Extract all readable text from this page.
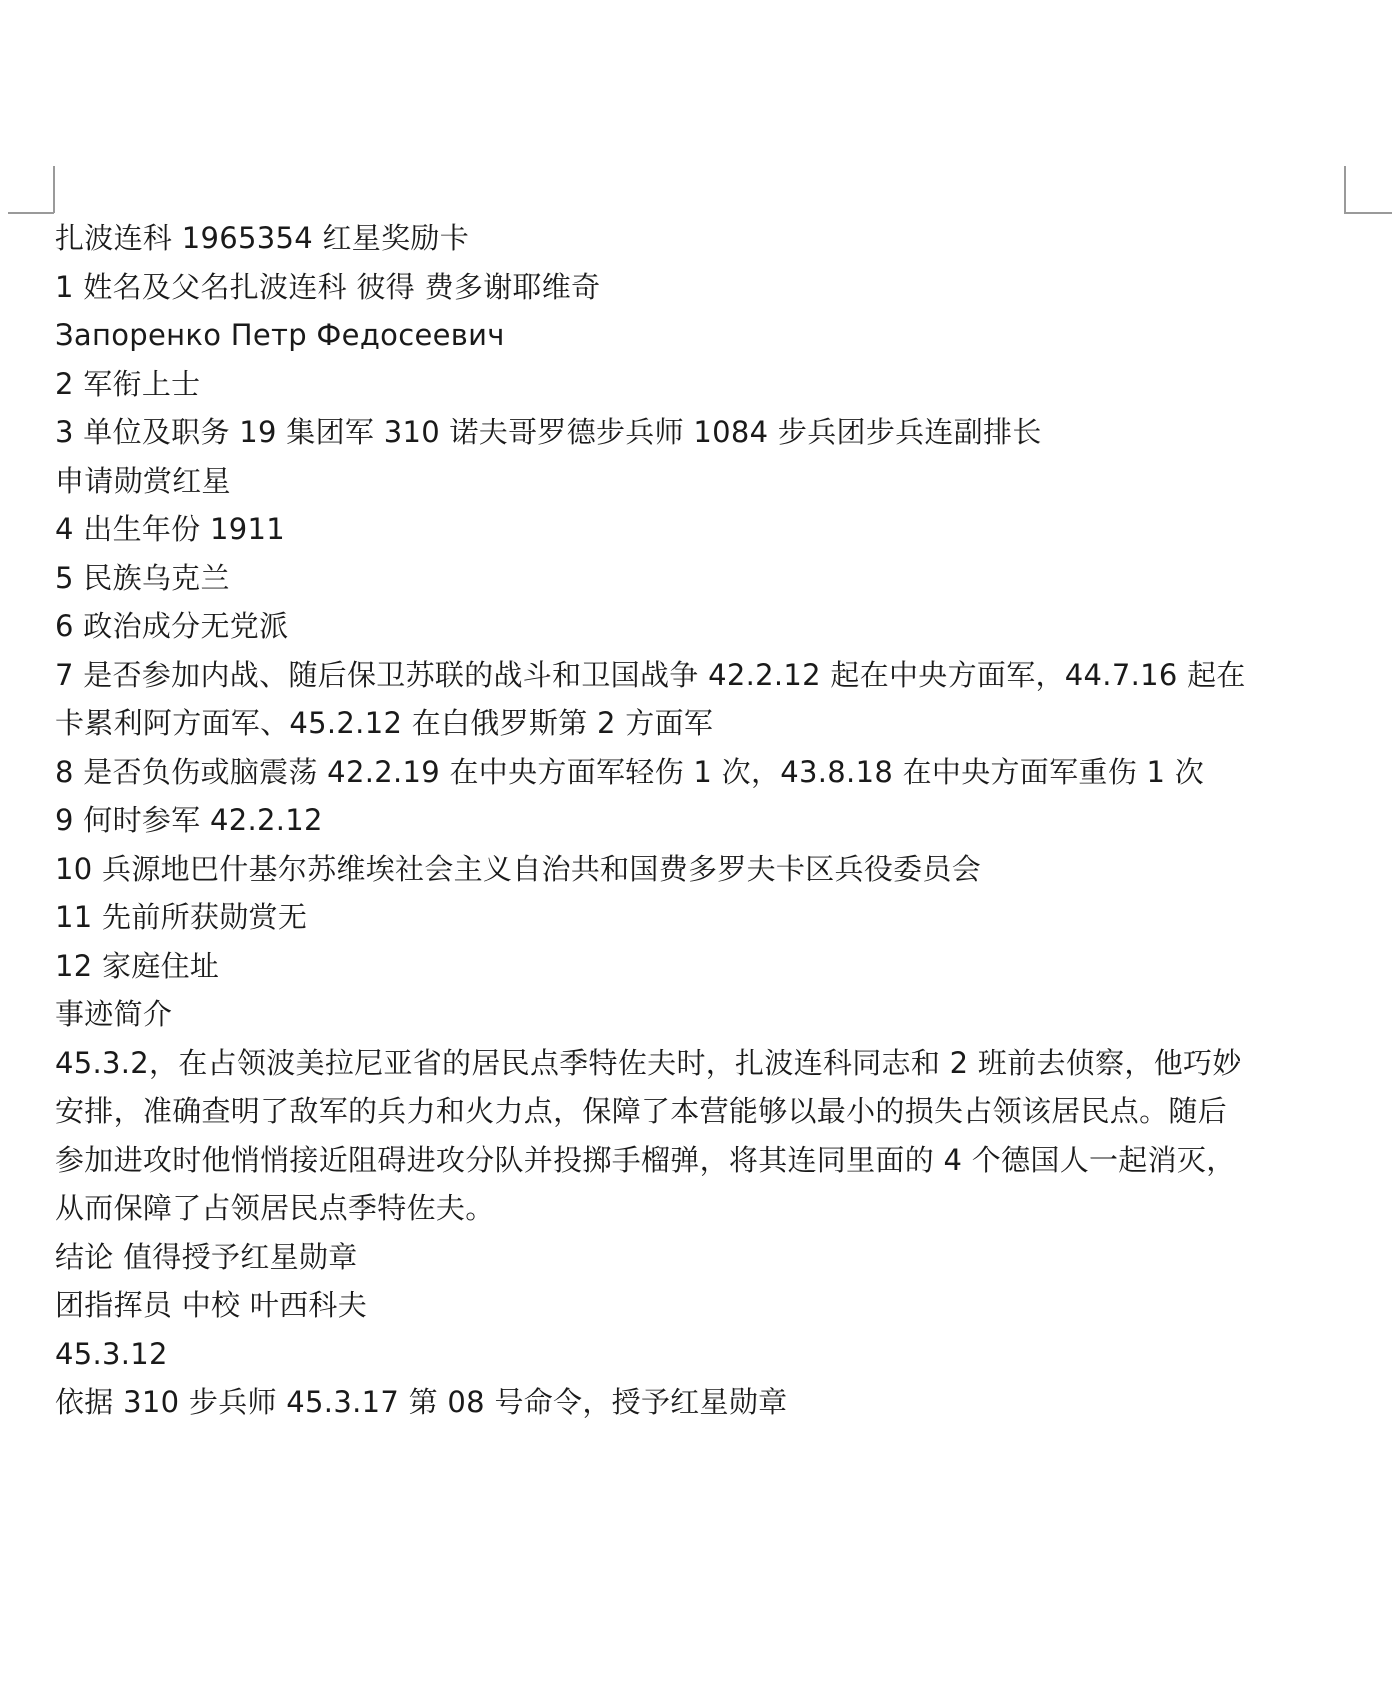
扎波连科 1965354 红星奖励卡
1 姓名及父名扎波连科 彼得 费多谢耶维奇
Запоренко Петр Федосеевич
2 军衔上士
3 单位及职务 19 集团军 310 诺夫哥罗德步兵师 1084 步兵团步兵连副排长
申请勋赏红星
4 出生年份 1911
5 民族乌克兰
6 政治成分无党派
7 是否参加内战、随后保卫苏联的战斗和卫国战争 42.2.12 起在中央方面军，44.7.16 起在
卡累利阿方面军、45.2.12 在白俄罗斯第 2 方面军
8 是否负伤或脑震荡 42.2.19 在中央方面军轻伤 1 次，43.8.18 在中央方面军重伤 1 次
9 何时参军 42.2.12
10 兵源地巴什基尔苏维埃社会主义自治共和国费多罗夫卡区兵役委员会
11 先前所获勋赏无
12 家庭住址
事迹简介
45.3.2，在占领波美拉尼亚省的居民点季特佐夫时，扎波连科同志和 2 班前去侦察，他巧妙
安排，准确查明了敌军的兵力和火力点，保障了本营能够以最小的损失占领该居民点。随后
参加进攻时他悄悄接近阻碍进攻分队并投掷手榴弹，将其连同里面的 4 个德国人一起消灭，
从而保障了占领居民点季特佐夫。
结论 值得授予红星勋章
团指挥员 中校 叶西科夫
45.3.12
依据 310 步兵师 45.3.17 第 08 号命令，授予红星勋章
